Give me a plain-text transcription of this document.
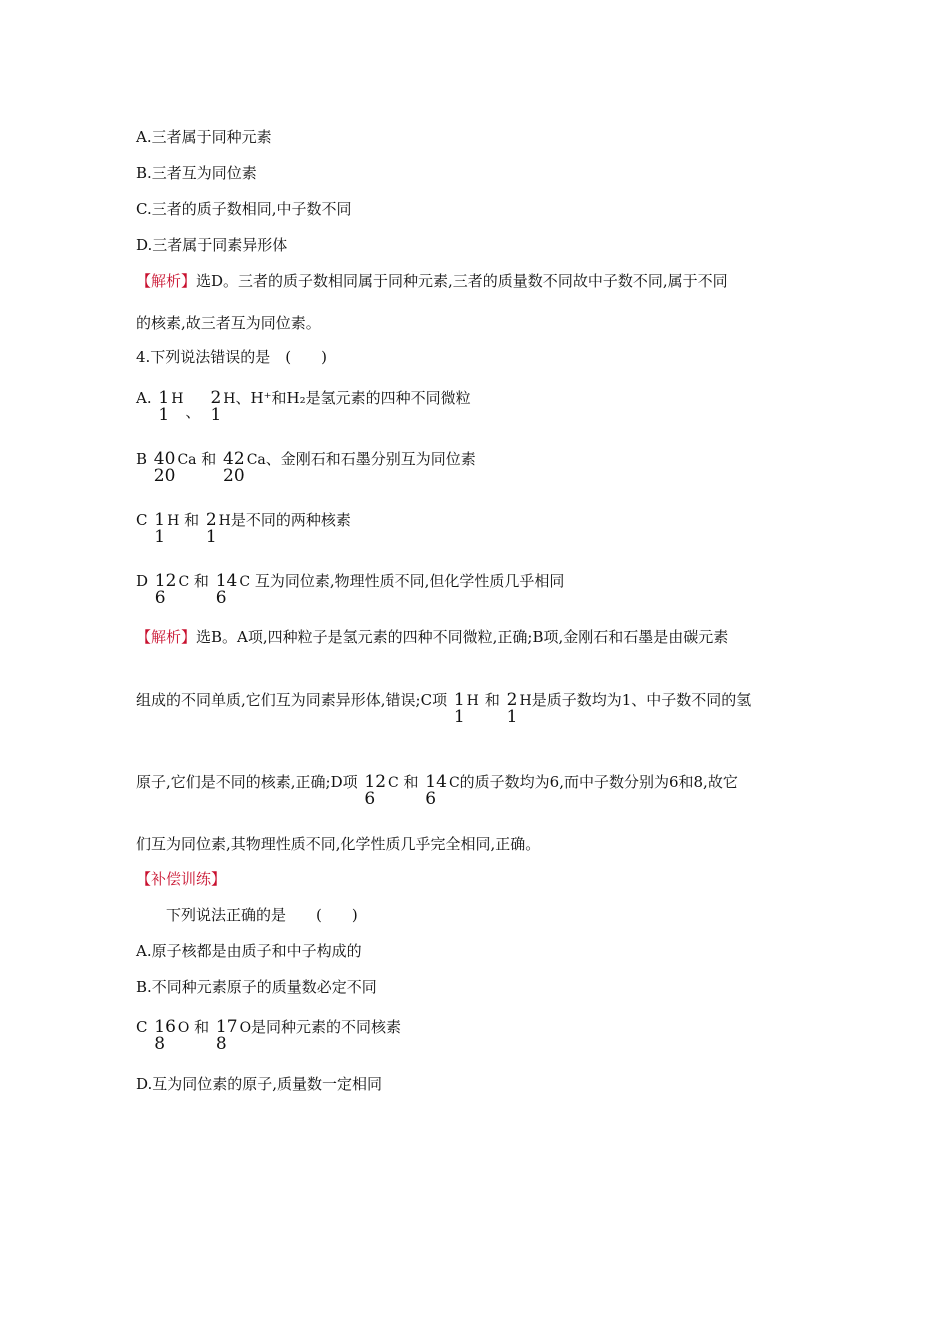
A.三者属于同种元素
B.三者互为同位素
C.三者的质子数相同,中子数不同
D.三者属于同素异形体
【解析】选D。三者的质子数相同属于同种元素,三者的质量数不同故中子数不同,属于不同
的核素,故三者互为同位素。
4.下列说法错误的是　(　　)
A. 1
1
H、2
1
H、H⁺和H₂是氢元素的四种不同微粒
B 40
20
Ca 和 42
20
Ca、金刚石和石墨分别互为同位素
C 1
1
H 和 2
1
H是不同的两种核素
D 12
6
C 和 14
6
C 互为同位素,物理性质不同,但化学性质几乎相同
【解析】选B。A项,四种粒子是氢元素的四种不同微粒,正确;B项,金刚石和石墨是由碳元素
组成的不同单质,它们互为同素异形体,错误;C项 1
1
H 和 2
1
H是质子数均为1、中子数不同的氢
原子,它们是不同的核素,正确;D项 12
6
C 和 14
6
C的质子数均为6,而中子数分别为6和8,故它
们互为同位素,其物理性质不同,化学性质几乎完全相同,正确。
【补偿训练】
下列说法正确的是　　(　　)
A.原子核都是由质子和中子构成的
B.不同种元素原子的质量数必定不同
C 16
8
O 和 17
8
O是同种元素的不同核素
D.互为同位素的原子,质量数一定相同
